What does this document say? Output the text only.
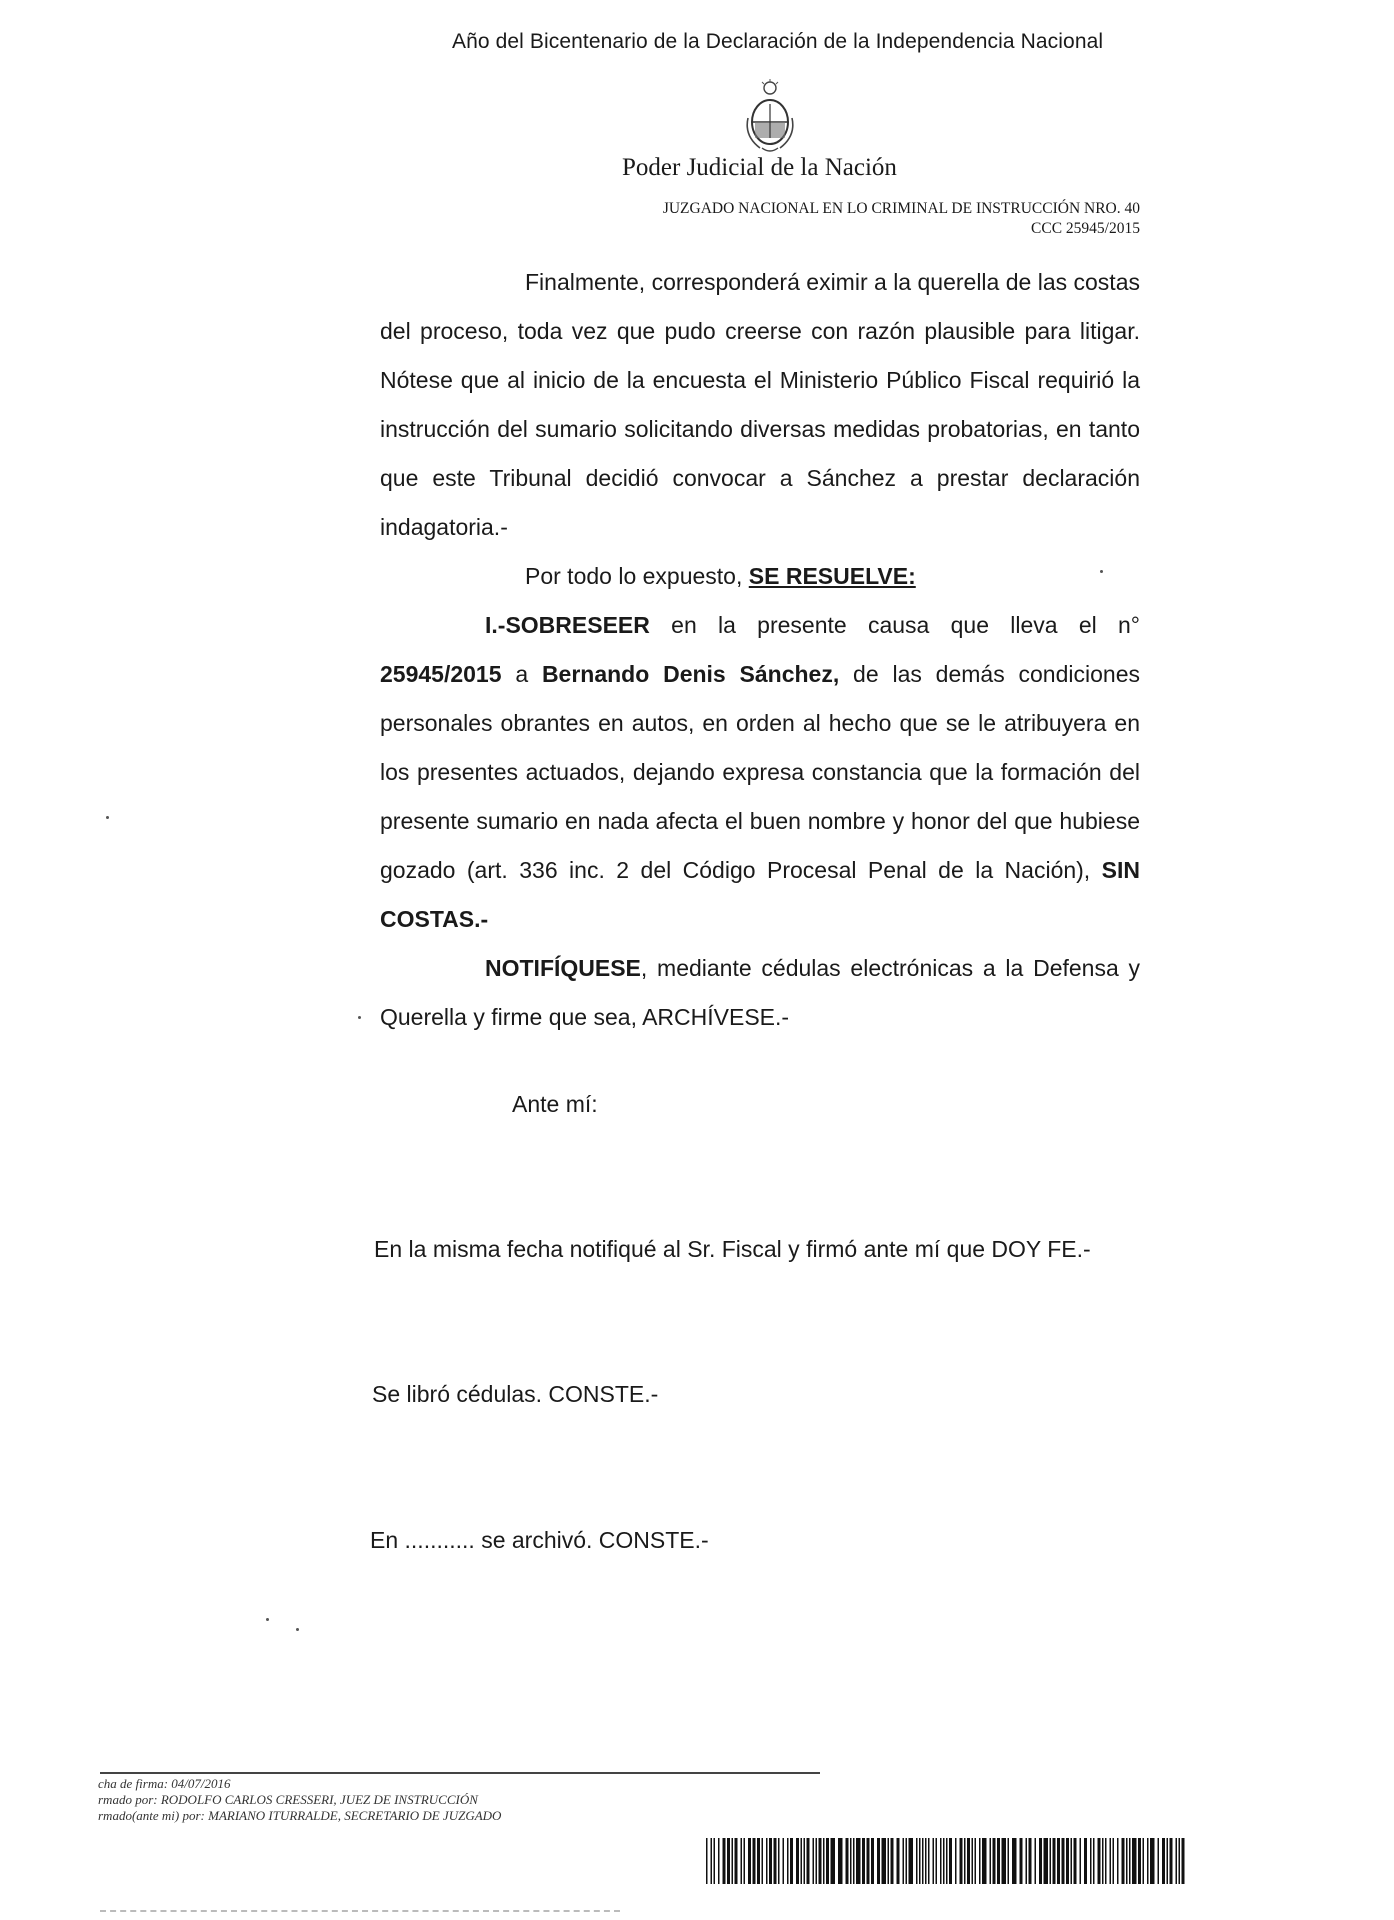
Año del Bicentenario de la Declaración de la Independencia Nacional
Poder Judicial de la Nación
JUZGADO NACIONAL EN LO CRIMINAL DE INSTRUCCIÓN NRO. 40
CCC 25945/2015
Finalmente, corresponderá eximir a la querella de las costas del proceso, toda vez que pudo creerse con razón plausible para litigar. Nótese que al inicio de la encuesta el Ministerio Público Fiscal requirió la instrucción del sumario solicitando diversas medidas probatorias, en tanto que este Tribunal decidió convocar a Sánchez a prestar declaración indagatoria.-
Por todo lo expuesto, SE RESUELVE:
I.-SOBRESEER en la presente causa que lleva el n° 25945/2015 a Bernando Denis Sánchez, de las demás condiciones personales obrantes en autos, en orden al hecho que se le atribuyera en los presentes actuados, dejando expresa constancia que la formación del presente sumario en nada afecta el buen nombre y honor del que hubiese gozado (art. 336 inc. 2 del Código Procesal Penal de la Nación), SIN COSTAS.-
NOTIFÍQUESE, mediante cédulas electrónicas a la Defensa y Querella y firme que sea, ARCHÍVESE.-
Ante mí:
En la misma fecha notifiqué al Sr. Fiscal y firmó ante mí que DOY FE.-
Se libró cédulas. CONSTE.-
En ........... se archivó. CONSTE.-
cha de firma: 04/07/2016
rmado por: RODOLFO CARLOS CRESSERI, JUEZ DE INSTRUCCIÓN
rmado(ante mi) por: MARIANO ITURRALDE, SECRETARIO DE JUZGADO
